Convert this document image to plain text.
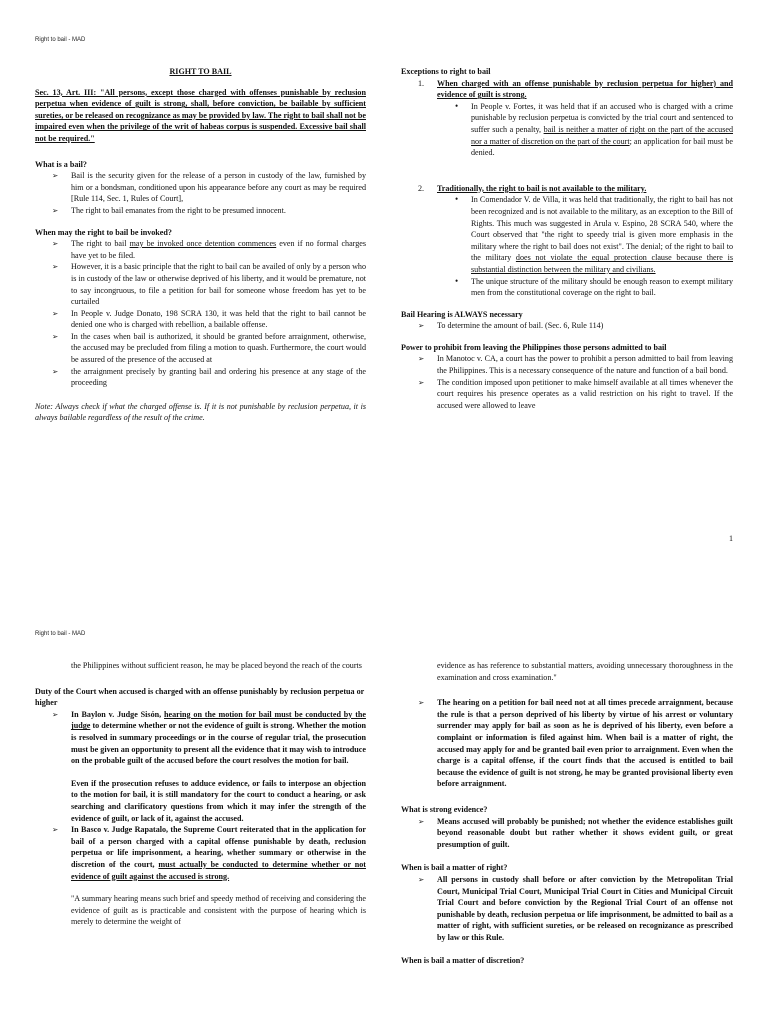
Right to bail - MAD

RIGHT TO BAIL

Sec. 13, Art. III: "All persons, except those charged with offenses punishable by reclusion perpetua when evidence of guilt is strong, shall, before conviction, be bailable by sufficient sureties, or be released on recognizance as may be provided by law. The right to bail shall not be impaired even when the privilege of the writ of habeas corpus is suspended. Excessive bail shall not be required."

What is a bail?

➢ Bail is the security given for the release of a person in custody of the law, furnished by him or a bondsman, conditioned upon his appearance before any court as may be required [Rule 114, Sec. 1, Rules of Court],
➢ The right to bail emanates from the right to be presumed innocent.

When may the right to bail be invoked?

➢ The right to bail may be invoked once detention commences even if no formal charges have yet to be filed.
➢ However, it is a basic principle that the right to bail can be availed of only by a person who is in custody of the law or otherwise deprived of his liberty, and it would be premature, not to say incongruous, to file a petition for bail for someone whose freedom has yet to be curtailed
➢ In People v. Judge Donato, 198 SCRA 130, it was held that the right to bail cannot be denied one who is charged with rebellion, a bailable offense.
➢ In the cases when bail is authorized, it should be granted before arraignment, otherwise, the accused may be precluded from filing a motion to quash. Furthermore, the court would be assured of the presence of the accused at
➢ the arraignment precisely by granting bail and ordering his presence at any stage of the proceeding

Note: Always check if what the charged offense is. If it is not punishable by reclusion perpetua, it is always bailable regardless of the result of the crime.

Exceptions to right to bail

1. When charged with an offense punishable by reclusion perpetua for higher) and evidence of guilt is strong.
• In People v. Fortes, it was held that if an accused who is charged with a crime punishable by reclusion perpetua is convicted by the trial court and sentenced to suffer such a penalty, bail is neither a matter of right on the part of the accused nor a matter of discretion on the part of the court; an application for bail must be denied.
2. Traditionally, the right to bail is not available to the military.
• In Comendador V. de Villa, it was held that traditionally, the right to bail has not been recognized and is not available to the military, as an exception to the Bill of Rights. This much was suggested in Arula v. Espino, 28 SCRA 540, where the Court observed that "the right to speedy trial is given more emphasis in the military where the right to bail does not exist". The denial; of the right to bail to the military does not violate the equal protection clause because there is substantial distinction between the military and civilians.
• The unique structure of the military should be enough reason to exempt military men from the constitutional coverage on the right to bail.

Bail Hearing is ALWAYS necessary

➢ To determine the amount of bail. (Sec. 6, Rule 114)

Power to prohibit from leaving the Philippines those persons admitted to bail

➢ In Manotoc v. CA, a court has the power to prohibit a person admitted to bail from leaving the Philippines. This is a necessary consequence of the nature and function of a bail bond.
➢ The condition imposed upon petitioner to make himself available at all times whenever the court requires his presence operates as a valid restriction on his right to travel. If the accused were allowed to leave
1
Right to bail - MAD

the Philippines without sufficient reason, he may be placed beyond the reach of the courts

Duty of the Court when accused is charged with an offense punishably by reclusion perpetua or higher

➢ In Baylon v. Judge Sisón, hearing on the motion for bail must be conducted by the judge to determine whether or not the evidence of guilt is strong. Whether the motion is resolved in summary proceedings or in the course of regular trial, the prosecution must be given an opportunity to present all the evidence that it may wish to introduce on the probable guilt of the accused before the court resolves the motion for bail.

Even if the prosecution refuses to adduce evidence, or fails to interpose an objection to the motion for bail, it is still mandatory for the court to conduct a hearing, or ask searching and clarificatory questions from which it may infer the strength of the evidence of guilt, or lack of it, against the accused.

➢ In Basco v. Judge Rapatalo, the Supreme Court reiterated that in the application for bail of a person charged with a capital offense punishable by death, reclusion perpetua or life imprisonment, a hearing, whether summary or otherwise in the discretion of the court, must actually be conducted to determine whether or not evidence of guilt against the accused is strong.

"A summary hearing means such brief and speedy method of receiving and considering the evidence of guilt as is practicable and consistent with the purpose of hearing which is merely to determine the weight of

evidence as has reference to substantial matters, avoiding unnecessary thoroughness in the examination and cross examination."

➢ The hearing on a petition for bail need not at all times precede arraignment, because the rule is that a person deprived of his liberty by virtue of his arrest or voluntary surrender may apply for bail as soon as he is deprived of his liberty, even before a complaint or information is filed against him. When bail is a matter of right, the accused may apply for and be granted bail even prior to arraignment. Even when the charge is a capital offense, if the court finds that the accused is entitled to bail because the evidence of guilt is not strong, he may be granted provisional liberty even before arraignment.

What is strong evidence?

➢ Means accused will probably be punished; not whether the evidence establishes guilt beyond reasonable doubt but rather whether it shows evident guilt, or great presumption of guilt.

When is bail a matter of right?

➢ All persons in custody shall before or after conviction by the Metropolitan Trial Court, Municipal Trial Court, Municipal Trial Court in Cities and Municipal Circuit Trial Court and before conviction by the Regional Trial Court of an offense not punishable by death, reclusion perpetua or life imprisonment, be admitted to bail as a matter of right, with sufficient sureties, or be released on recognizance as prescribed by law or this Rule.

When is bail a matter of discretion?
